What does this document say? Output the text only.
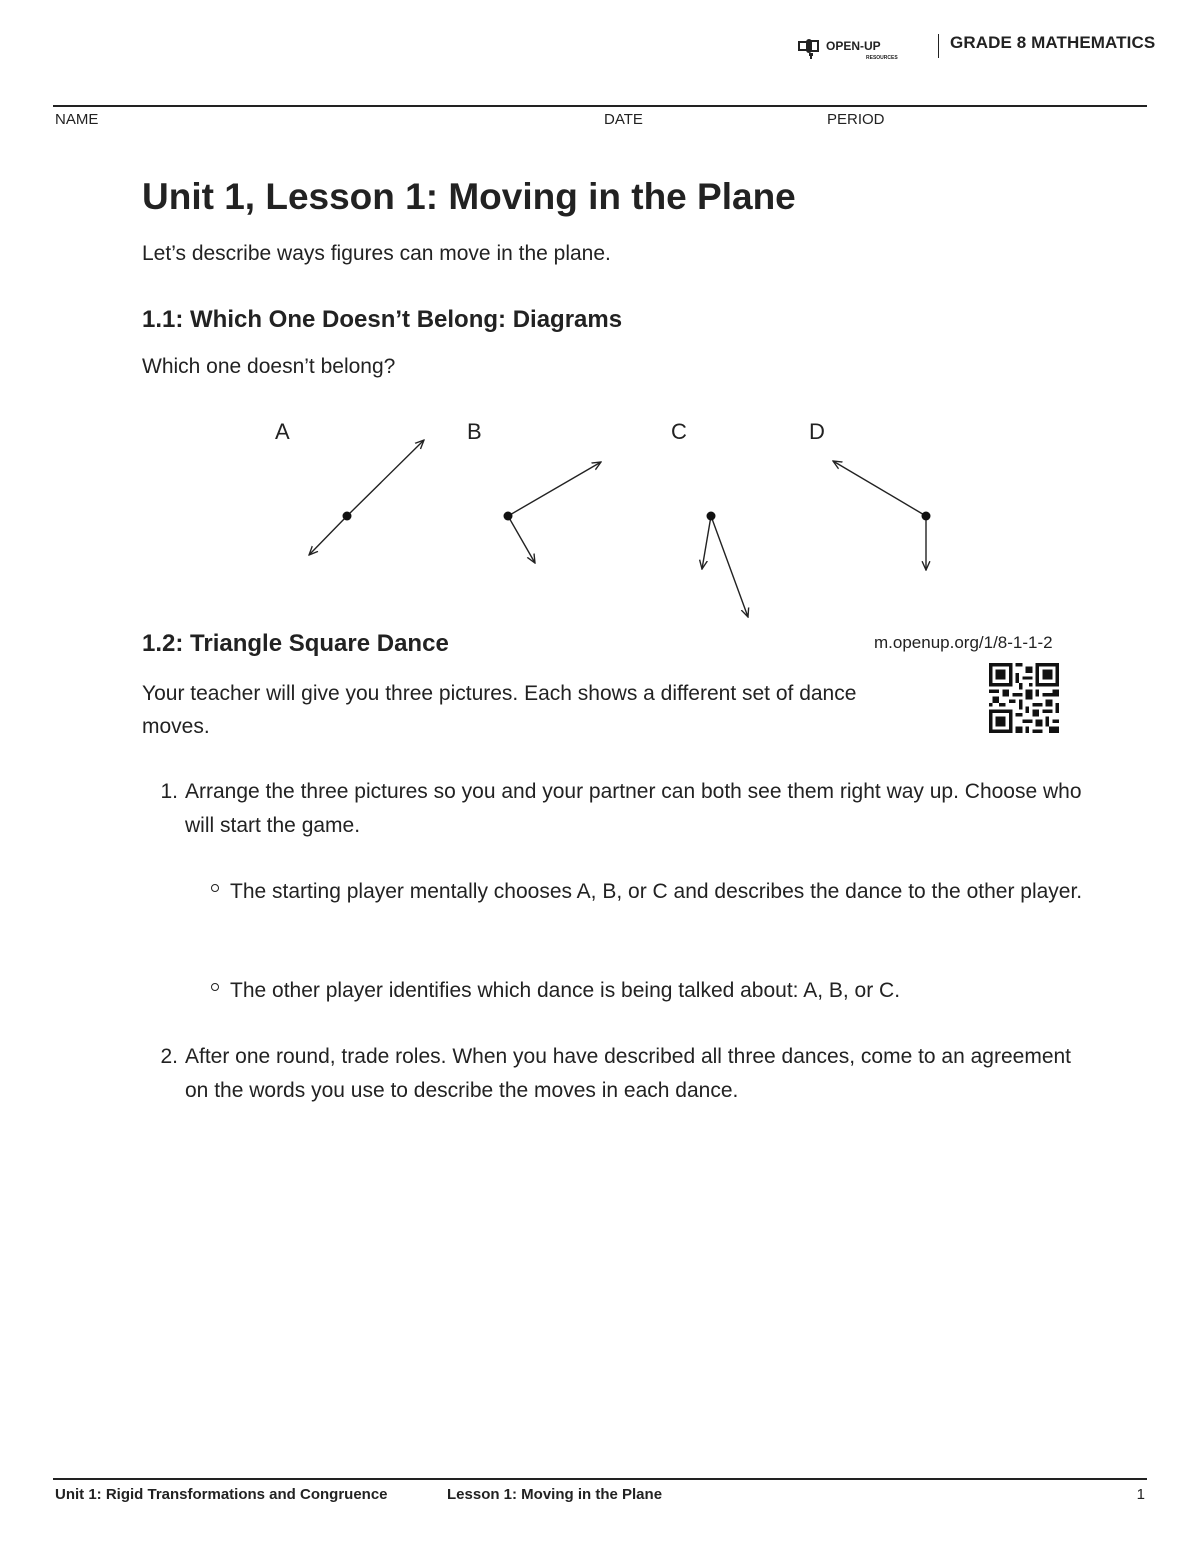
OPEN-UP
RESOURCES
GRADE 8 MATHEMATICS
NAME	DATE	PERIOD
Unit 1, Lesson 1: Moving in the Plane
Let’s describe ways figures can move in the plane.
1.1: Which One Doesn’t Belong: Diagrams
Which one doesn’t belong?
A	B	C	D
1.2: Triangle Square Dance	m.openup.org/1/8-1-1-2
Your teacher will give you three pictures. Each shows a different set of dance moves.
1. Arrange the three pictures so you and your partner can both see them right way up. Choose who will start the game.
The starting player mentally chooses A, B, or C and describes the dance to the other player.
The other player identifies which dance is being talked about: A, B, or C.
2. After one round, trade roles. When you have described all three dances, come to an agreement on the words you use to describe the moves in each dance.
Unit 1: Rigid Transformations and Congruence	Lesson 1: Moving in the Plane	1
